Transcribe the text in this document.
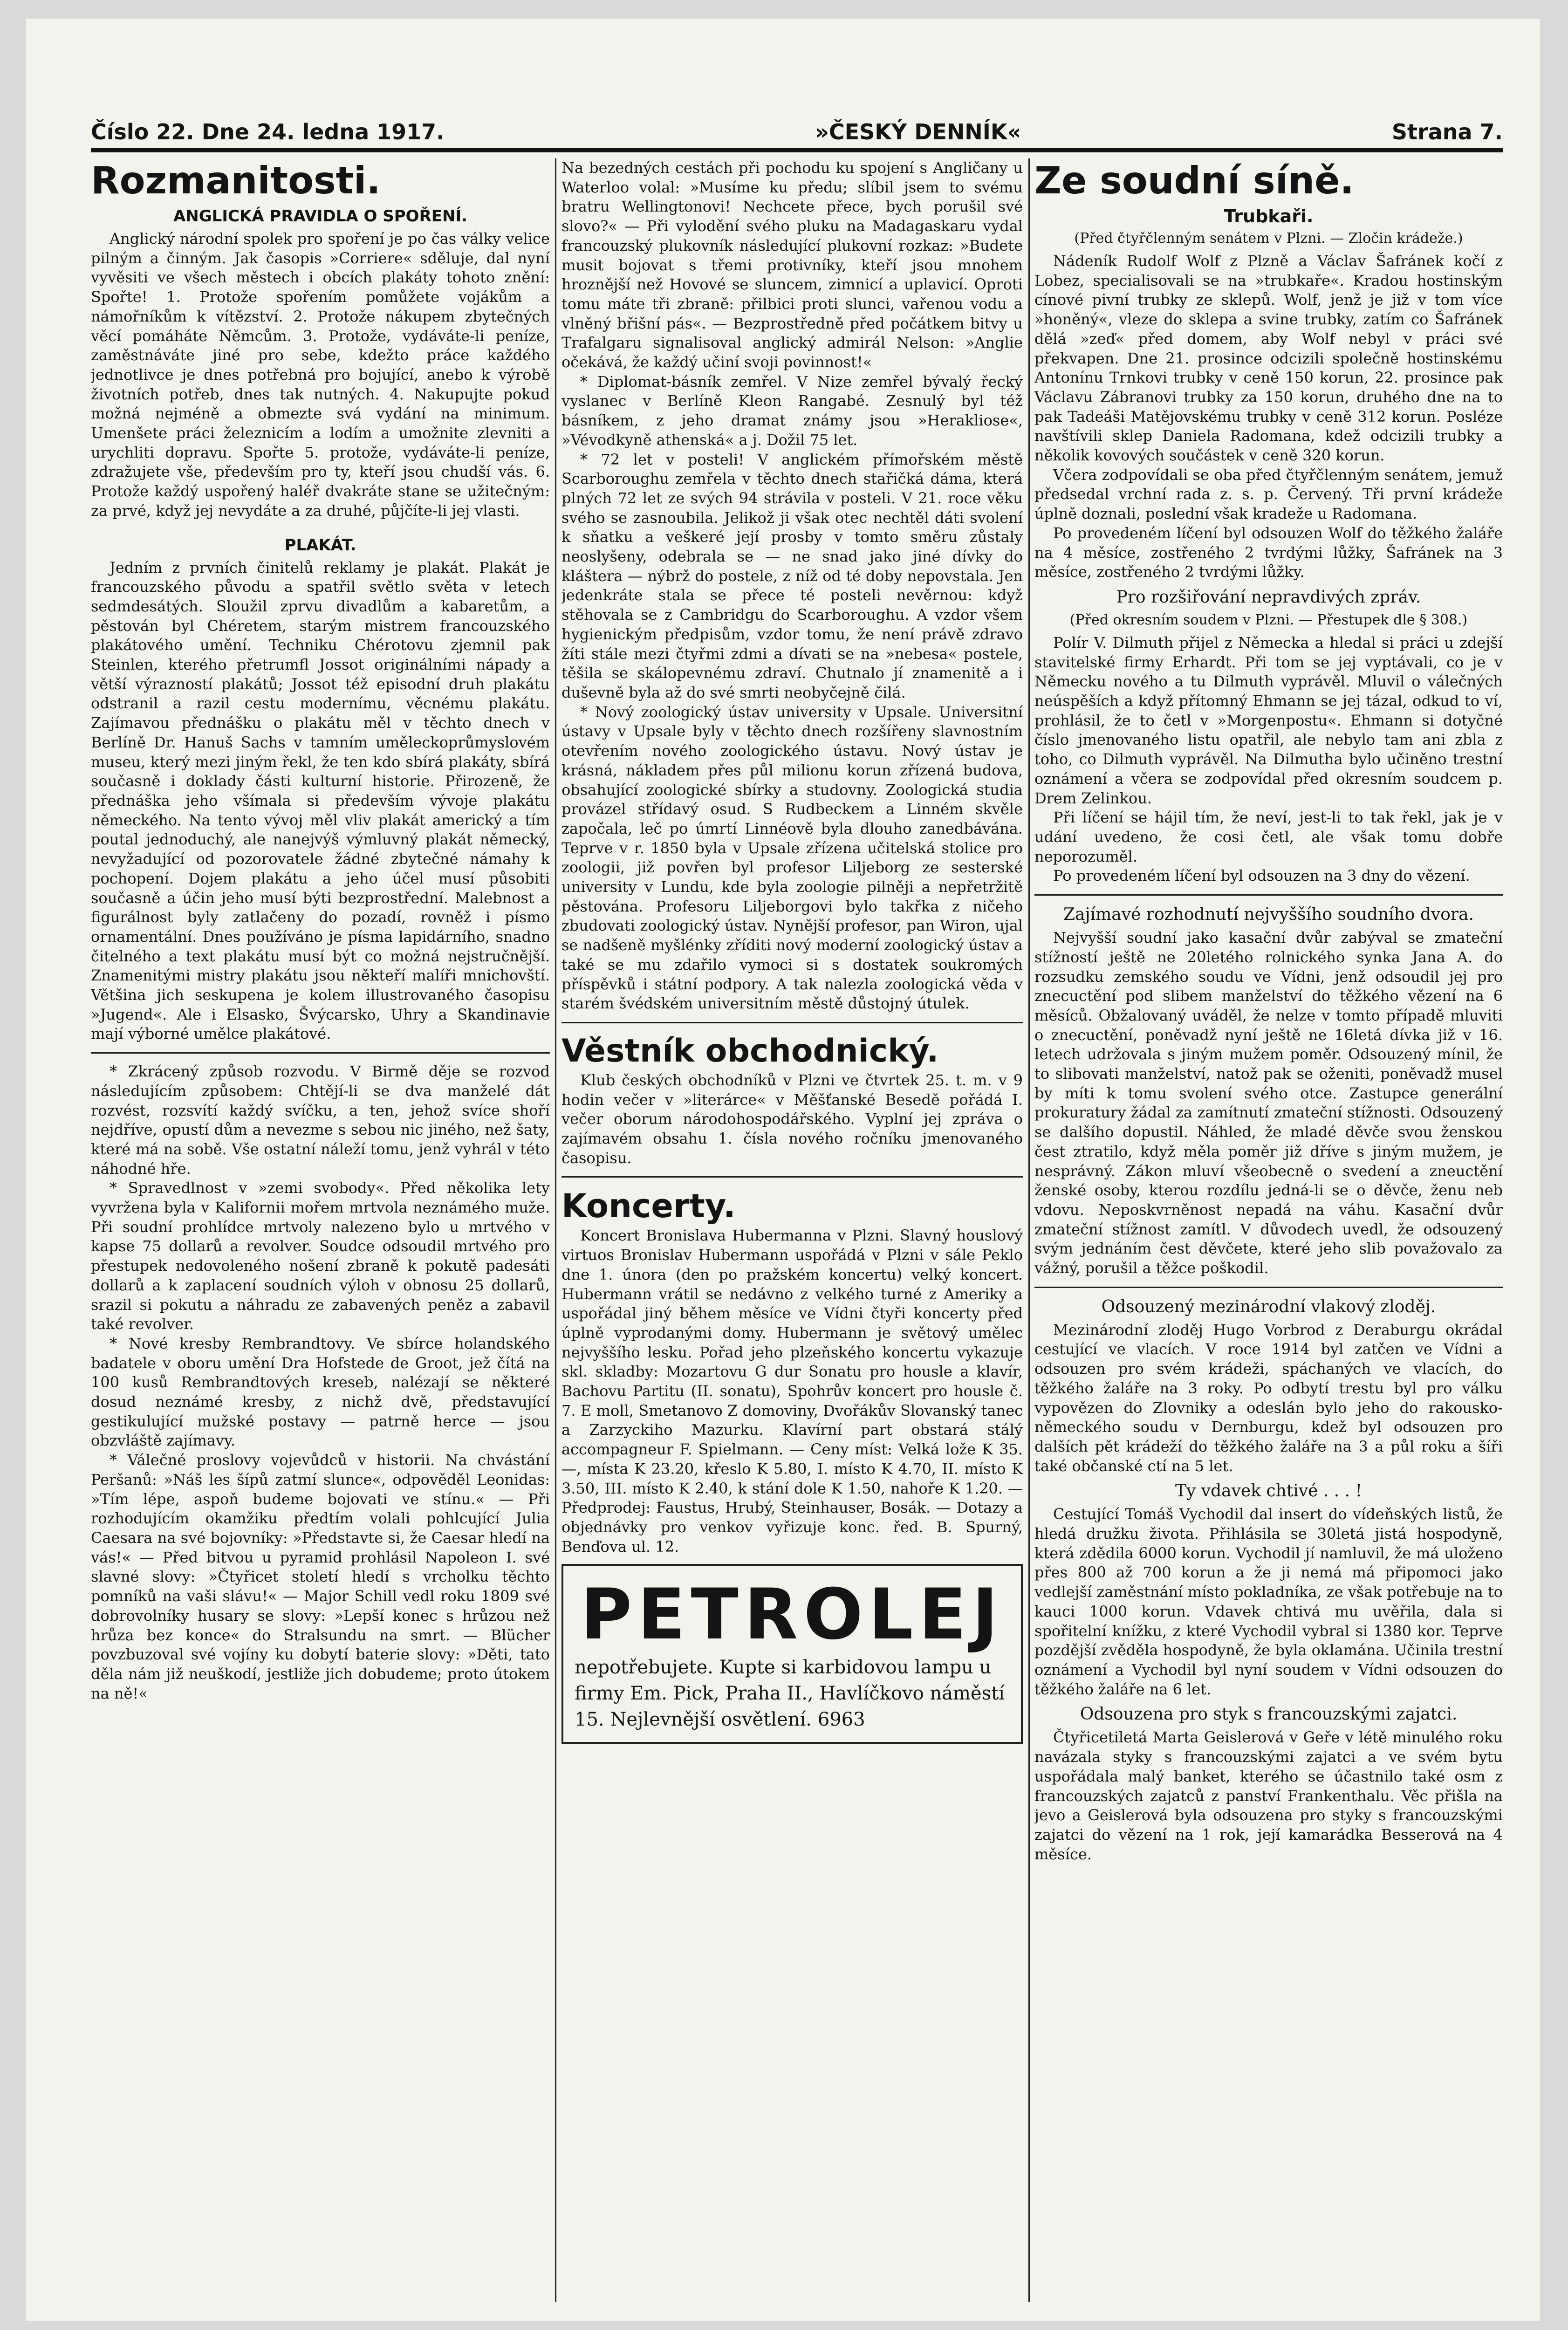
Číslo 22. Dne 24. ledna 1917.	»ČESKÝ DENNÍK«	Strana 7.
Rozmanitosti.
ANGLICKÁ PRAVIDLA O SPOŘENÍ.

Anglický národní spolek pro spoření je po čas války velice pilným a činným. Jak časopis »Corriere« sděluje, dal nyní vyvěsiti ve všech městech i obcích plakáty tohoto znění: Spořte! 1. Protože spořením pomůžete vojákům a námořníkům k vítězství. 2. Protože nákupem zbytečných věcí pomáháte Němcům. 3. Protože, vydáváte-li peníze, zaměstnáváte jiné pro sebe, kdežto práce každého jednotlivce je dnes potřebná pro bojující, anebo k výrobě životních potřeb, dnes tak nutných. 4. Nakupujte pokud možná nejméně a obmezte svá vydání na minimum. Umenšete práci železnicím a lodím a umožnite zlevniti a urychliti dopravu. Spořte 5. protože, vydáváte-li peníze, zdražujete vše, především pro ty, kteří jsou chudší vás. 6. Protože každý uspořený haléř dvakráte stane se užitečným: za prvé, když jej nevydáte a za druhé, půjčíte-li jej vlasti.

PLAKÁT.

Jedním z prvních činitelů reklamy je plakát. Plakát je francouzského původu a spatřil světlo světa v letech sedmdesátých. Sloužil zprvu divadlům a kabaretům, a pěstován byl Chéretem, starým mistrem francouzského plakátového umění. Techniku Chérotovu zjemnil pak Steinlen, kterého přetrumfl Jossot originálními nápady a větší výrazností plakátů; Jossot též episodní druh plakátu odstranil a razil cestu modernímu, věcnému plakátu. Zajímavou přednášku o plakátu měl v těchto dnech v Berlíně Dr. Hanuš Sachs v tamním uměleckoprůmyslovém museu, který mezi jiným řekl, že ten kdo sbírá plakáty, sbírá současně i doklady části kulturní historie. Přirozeně, že přednáška jeho všímala si především vývoje plakátu německého. Na tento vývoj měl vliv plakát americký a tím poutal jednoduchý, ale nanejvýš výmluvný plakát německý, nevyžadující od pozorovatele žádné zbytečné námahy k pochopení. Dojem plakátu a jeho účel musí působiti současně a účin jeho musí býti bezprostřední. Malebnost a figurálnost byly zatlačeny do pozadí, rovněž i písmo ornamentální. Dnes používáno je písma lapidárního, snadno čitelného a text plakátu musí být co možná nejstručnější. Znamenitými mistry plakátu jsou někteří malíři mnichovští. Většina jich seskupena je kolem illustrovaného časopisu »Jugend«. Ale i Elsasko, Švýcarsko, Uhry a Skandinavie mají výborné umělce plakátové.

* Zkrácený způsob rozvodu. V Birmě děje se rozvod následujícím způsobem: Chtějí-li se dva manželé dát rozvést, rozsvítí každý svíčku, a ten, jehož svíce shoří nejdříve, opustí dům a nevezme s sebou nic jiného, než šaty, které má na sobě. Vše ostatní náleží tomu, jenž vyhrál v této náhodné hře.

* Spravedlnost v »zemi svobody«. Před několika lety vyvržena byla v Kalifornii mořem mrtvola neznámého muže. Při soudní prohlídce mrtvoly nalezeno bylo u mrtvého v kapse 75 dollarů a revolver. Soudce odsoudil mrtvého pro přestupek nedovoleného nošení zbraně k pokutě padesáti dollarů a k zaplacení soudních výloh v obnosu 25 dollarů, srazil si pokutu a náhradu ze zabavených peněz a zabavil také revolver.

* Nové kresby Rembrandtovy. Ve sbírce holandského badatele v oboru umění Dra Hofstede de Groot, jež čítá na 100 kusů Rembrandtových kreseb, nalézají se některé dosud neznámé kresby, z nichž dvě, představující gestikulující mužské postavy — patrně herce — jsou obzvláště zajímavy.

* Válečné proslovy vojevůdců v historii. Na chvástání Peršanů: »Náš les šípů zatmí slunce«, odpověděl Leonidas: »Tím lépe, aspoň budeme bojovati ve stínu.« — Při rozhodujícím okamžiku předtím volali pohlcující Julia Caesara na své bojovníky: »Představte si, že Caesar hledí na vás!« — Před bitvou u pyramid prohlásil Napoleon I. své slavné slovy: »Čtyřicet století hledí s vrcholku těchto pomníků na vaši slávu!« — Major Schill vedl roku 1809 své dobrovolníky husary se slovy: »Lepší konec s hrůzou než hrůza bez konce« do Stralsundu na smrt. — Blücher povzbuzoval své vojíny ku dobytí baterie slovy: »Děti, tato děla nám již neuškodí, jestliže jich dobudeme; proto útokem na ně!«

Na bezedných cestách při pochodu ku spojení s Angličany u Waterloo volal: »Musíme ku předu; slíbil jsem to svému bratru Wellingtonovi! Nechcete přece, bych porušil své slovo?« — Při vylodění svého pluku na Madagaskaru vydal francouzský plukovník následující plukovní rozkaz: »Budete musit bojovat s třemi protivníky, kteří jsou mnohem hroznější než Hovové se sluncem, zimnicí a uplavicí. Oproti tomu máte tři zbraně: přilbici proti slunci, vařenou vodu a vlněný břišní pás«. — Bezprostředně před počátkem bitvy u Trafalgaru signalisoval anglický admirál Nelson: »Anglie očekává, že každý učiní svoji povinnost!«

* Diplomat-básník zemřel. V Nize zemřel bývalý řecký vyslanec v Berlíně Kleon Rangabé. Zesnulý byl též básníkem, z jeho dramat známy jsou »Herakliose«, »Vévodkyně athenská« a j. Dožil 75 let.

* 72 let v posteli! V anglickém přímořském městě Scarboroughu zemřela v těchto dnech stařičká dáma, která plných 72 let ze svých 94 strávila v posteli. V 21. roce věku svého se zasnoubila. Jelikož ji však otec nechtěl dáti svolení k sňatku a veškeré její prosby v tomto směru zůstaly neoslyšeny, odebrala se — ne snad jako jiné dívky do kláštera — nýbrž do postele, z níž od té doby nepovstala. Jen jedenkráte stala se přece té posteli nevěrnou: když stěhovala se z Cambridgu do Scarboroughu. A vzdor všem hygienickým předpisům, vzdor tomu, že není právě zdravo žíti stále mezi čtyřmi zdmi a dívati se na »nebesa« postele, těšila se skálopevnému zdraví. Chutnalo jí znamenitě a i duševně byla až do své smrti neobyčejně čilá.

* Nový zoologický ústav university v Upsale. Universitní ústavy v Upsale byly v těchto dnech rozšířeny slavnostním otevřením nového zoologického ústavu. Nový ústav je krásná, nákladem přes půl milionu korun zřízená budova, obsahující zoologické sbírky a studovny. Zoologická studia provázel střídavý osud. S Rudbeckem a Linném skvěle započala, leč po úmrtí Linnéově byla dlouho zanedbávána. Teprve v r. 1850 byla v Upsale zřízena učitelská stolice pro zoologii, již povřen byl profesor Liljeborg ze sesterské university v Lundu, kde byla zoologie pilněji a nepřetržitě pěstována. Profesoru Liljeborgovi bylo takřka z ničeho zbudovati zoologický ústav. Nynější profesor, pan Wiron, ujal se nadšeně myšlénky zříditi nový moderní zoologický ústav a také se mu zdařilo vymoci si s dostatek soukromých příspěvků i státní podpory. A tak nalezla zoologická věda v starém švédském universitním městě důstojný útulek.

Věstník obchodnický.

Klub českých obchodníků v Plzni ve čtvrtek 25. t. m. v 9 hodin večer v »literárce« v Měšťanské Besedě pořádá I. večer oborum národohospodářského. Vyplní jej zpráva o zajímavém obsahu 1. čísla nového ročníku jmenovaného časopisu.

Koncerty.

Koncert Bronislava Hubermanna v Plzni. Slavný houslový virtuos Bronislav Hubermann uspořádá v Plzni v sále Peklo dne 1. února (den po pražském koncertu) velký koncert. Hubermann vrátil se nedávno z velkého turné z Ameriky a uspořádal jiný během měsíce ve Vídni čtyři koncerty před úplně vyprodanými domy. Hubermann je světový umělec nejvyššího lesku. Pořad jeho plzeňského koncertu vykazuje skl. skladby: Mozartovu G dur Sonatu pro housle a klavír, Bachovu Partitu (II. sonatu), Spohrův koncert pro housle č. 7. E moll, Smetanovo Z domoviny, Dvořákův Slovanský tanec a Zarzyckiho Mazurku. Klavírní part obstará stálý accompagneur F. Spielmann. — Ceny míst: Velká lože K 35.—, místa K 23.20, křeslo K 5.80, I. místo K 4.70, II. místo K 3.50, III. místo K 2.40, k stání dole K 1.50, nahoře K 1.20. — Předprodej: Faustus, Hrubý, Steinhauser, Bosák. — Dotazy a objednávky pro venkov vyřizuje konc. řed. B. Spurný, Benďova ul. 12.

PETROLEJ

nepotřebujete. Kupte si karbidovou lampu u firmy Em. Pick, Praha II., Havlíčkovo náměstí 15. Nejlevnější osvětlení. 6963

Ze soudní síně.
Trubkaři.
(Před čtyřčlenným senátem v Plzni. — Zločin krádeže.)

Nádeník Rudolf Wolf z Plzně a Václav Šafránek kočí z Lobez, specialisovali se na »trubkaře«. Kradou hostinským cínové pivní trubky ze sklepů. Wolf, jenž je již v tom více »honěný«, vleze do sklepa a svine trubky, zatím co Šafránek dělá »zeď« před domem, aby Wolf nebyl v práci své překvapen. Dne 21. prosince odcizili společně hostinskému Antonínu Trnkovi trubky v ceně 150 korun, 22. prosince pak Václavu Zábranovi trubky za 150 korun, druhého dne na to pak Tadeáši Matějovskému trubky v ceně 312 korun. Posléze navštívili sklep Daniela Radomana, kdež odcizili trubky a několik kovových součástek v ceně 320 korun.

Včera zodpovídali se oba před čtyřčlenným senátem, jemuž předsedal vrchní rada z. s. p. Červený. Tři první krádeže úplně doznali, poslední však kradeže u Radomana.

Po provedeném líčení byl odsouzen Wolf do těžkého žaláře na 4 měsíce, zostřeného 2 tvrdými lůžky, Šafránek na 3 měsíce, zostřeného 2 tvrdými lůžky.

Pro rozšiřování nepravdivých zpráv.
(Před okresním soudem v Plzni. — Přestupek dle § 308.)

Polír V. Dilmuth přijel z Německa a hledal si práci u zdejší stavitelské firmy Erhardt. Při tom se jej vyptávali, co je v Německu nového a tu Dilmuth vyprávěl. Mluvil o válečných neúspěších a když přítomný Ehmann se jej tázal, odkud to ví, prohlásil, že to četl v »Morgenpostu«. Ehmann si dotyčné číslo jmenovaného listu opatřil, ale nebylo tam ani zbla z toho, co Dilmuth vyprávěl. Na Dilmutha bylo učiněno trestní oznámení a včera se zodpovídal před okresním soudcem p. Drem Zelinkou.

Při líčení se hájil tím, že neví, jest-li to tak řekl, jak je v udání uvedeno, že cosi četl, ale však tomu dobře neporozuměl.

Po provedeném líčení byl odsouzen na 3 dny do vězení.

Zajímavé rozhodnutí nejvyššího soudního dvora.

Nejvyšší soudní jako kasační dvůr zabýval se zmateční stížností ještě ne 20letého rolnického synka Jana A. do rozsudku zemského soudu ve Vídni, jenž odsoudil jej pro znecuctění pod slibem manželství do těžkého vězení na 6 měsíců. Obžalovaný uváděl, že nelze v tomto případě mluviti o znecuctění, poněvadž nyní ještě ne 16letá dívka již v 16. letech udržovala s jiným mužem poměr. Odsouzený mínil, že to slibovati manželství, natož pak se oženiti, poněvadž musel by míti k tomu svolení svého otce. Zastupce generální prokuratury žádal za zamítnutí zmateční stížnosti. Odsouzený se dalšího dopustil. Náhled, že mladé děvče svou ženskou čest ztratilo, když měla poměr již dříve s jiným mužem, je nesprávný. Zákon mluví všeobecně o svedení a zneuctění ženské osoby, kterou rozdílu jedná-li se o děvče, ženu neb vdovu. Neposkvrněnost nepadá na váhu. Kasační dvůr zmateční stížnost zamítl. V důvodech uvedl, že odsouzený svým jednáním čest děvčete, které jeho slib považovalo za vážný, porušil a těžce poškodil.

Odsouzený mezinárodní vlakový zloděj.

Mezinárodní zloděj Hugo Vorbrod z Deraburgu okrádal cestující ve vlacích. V roce 1914 byl zatčen ve Vídni a odsouzen pro svém krádeži, spáchaných ve vlacích, do těžkého žaláře na 3 roky. Po odbytí trestu byl pro válku vypovězen do Zlovniky a odeslán bylo jeho do rakousko-německého soudu v Dernburgu, kdež byl odsouzen pro dalších pět krádeží do těžkého žaláře na 3 a půl roku a šíři také občanské ctí na 5 let.

Ty vdavek chtivé . . . !

Cestující Tomáš Vychodil dal insert do vídeňských listů, že hledá družku života. Přihlásila se 30letá jistá hospodyně, která zdědila 6000 korun. Vychodil jí namluvil, že má uloženo přes 800 až 700 korun a že ji nemá má připomoci jako vedlejší zaměstnání místo pokladníka, ze však potřebuje na to kauci 1000 korun. Vdavek chtivá mu uvěřila, dala si spořitelní knížku, z které Vychodil vybral si 1380 kor. Teprve pozdější zvěděla hospodyně, že byla oklamána. Učinila trestní oznámení a Vychodil byl nyní soudem v Vídni odsouzen do těžkého žaláře na 6 let.

Odsouzena pro styk s francouzskými zajatci.

Čtyřicetiletá Marta Geislerová v Geře v létě minulého roku navázala styky s francouzskými zajatci a ve svém bytu uspořádala malý banket, kterého se účastnilo také osm z francouzských zajatců z panství Frankenthalu. Věc přišla na jevo a Geislerová byla odsouzena pro styky s francouzskými zajatci do vězení na 1 rok, její kamarádka Besserová na 4 měsíce.
